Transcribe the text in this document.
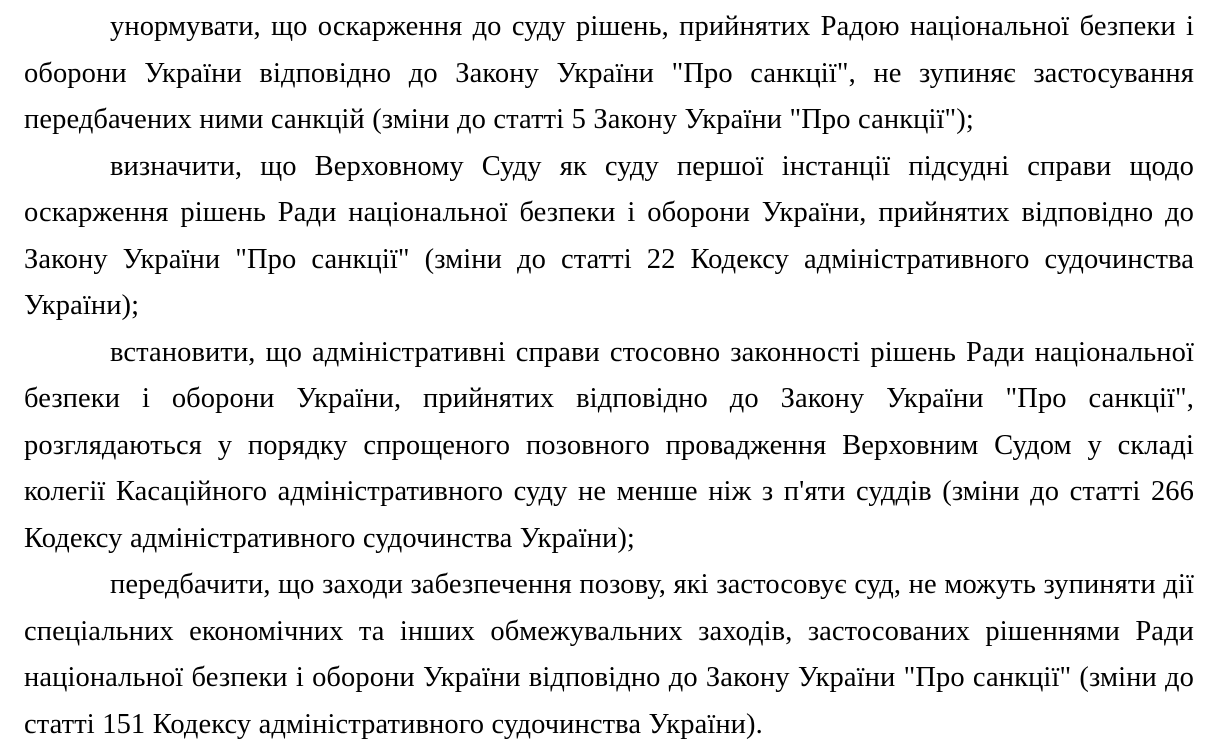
унормувати, що оскарження до суду рішень, прийнятих Радою національної безпеки і оборони України відповідно до Закону України "Про санкції", не зупиняє застосування передбачених ними санкцій (зміни до статті 5 Закону України "Про санкції");

визначити, що Верховному Суду як суду першої інстанції підсудні справи щодо оскарження рішень Ради національної безпеки і оборони України, прийнятих відповідно до Закону України "Про санкції" (зміни до статті 22 Кодексу адміністративного судочинства України);

встановити, що адміністративні справи стосовно законності рішень Ради національної безпеки і оборони України, прийнятих відповідно до Закону України "Про санкції", розглядаються у порядку спрощеного позовного провадження Верховним Судом у складі колегії Касаційного адміністративного суду не менше ніж з п'яти суддів (зміни до статті 266 Кодексу адміністративного судочинства України);

передбачити, що заходи забезпечення позову, які застосовує суд, не можуть зупиняти дії спеціальних економічних та інших обмежувальних заходів, застосованих рішеннями Ради національної безпеки і оборони України відповідно до Закону України "Про санкції" (зміни до статті 151 Кодексу адміністративного судочинства України).
